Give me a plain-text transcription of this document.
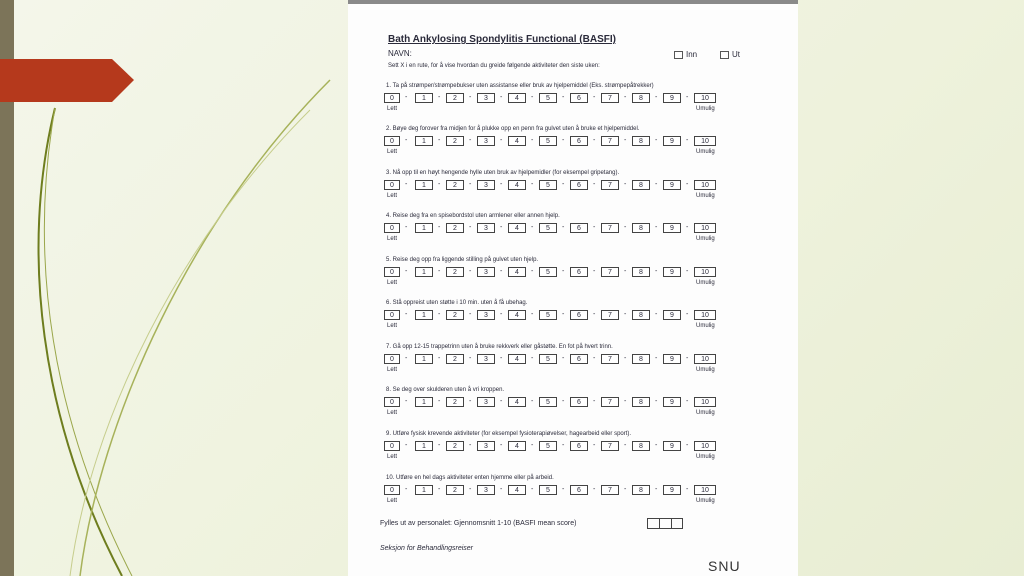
Bath Ankylosing Spondylitis Functional (BASFI)
NAVN:	Inn	Ut
Sett X i en rute, for å vise hvordan du greide følgende aktiviteter den siste uken:
1. Ta på strømper/strømpebukser uten assistanse eller bruk av hjelpemiddel (Eks. strømpepåtrekker)
0	-	1	-	2	-	3	-	4	-	5	-	6	-	7	-	8	-	9	-	10
Lett	Umulig
2. Bøye deg forover fra midjen for å plukke opp en penn fra gulvet uten å bruke et hjelpemiddel.
0	-	1	-	2	-	3	-	4	-	5	-	6	-	7	-	8	-	9	-	10
Lett	Umulig
3. Nå opp til en høyt hengende hylle uten bruk av hjelpemidler (for eksempel gripetang).
0	-	1	-	2	-	3	-	4	-	5	-	6	-	7	-	8	-	9	-	10
Lett	Umulig
4. Reise deg fra en spisebordstol uten armlener eller annen hjelp.
0	-	1	-	2	-	3	-	4	-	5	-	6	-	7	-	8	-	9	-	10
Lett	Umulig
5. Reise deg opp fra liggende stilling på gulvet uten hjelp.
0	-	1	-	2	-	3	-	4	-	5	-	6	-	7	-	8	-	9	-	10
Lett	Umulig
6. Stå oppreist uten støtte i 10 min. uten å få ubehag.
0	-	1	-	2	-	3	-	4	-	5	-	6	-	7	-	8	-	9	-	10
Lett	Umulig
7. Gå opp 12-15 trappetrinn uten å bruke rekkverk eller gåstøtte. En fot på hvert trinn.
0	-	1	-	2	-	3	-	4	-	5	-	6	-	7	-	8	-	9	-	10
Lett	Umulig
8. Se deg over skulderen uten å vri kroppen.
0	-	1	-	2	-	3	-	4	-	5	-	6	-	7	-	8	-	9	-	10
Lett	Umulig
9. Utføre fysisk krevende aktiviteter (for eksempel fysioterapiøvelser, hagearbeid eller sport).
0	-	1	-	2	-	3	-	4	-	5	-	6	-	7	-	8	-	9	-	10
Lett	Umulig
10. Utføre en hel dags aktiviteter enten hjemme eller på arbeid.
0	-	1	-	2	-	3	-	4	-	5	-	6	-	7	-	8	-	9	-	10
Lett	Umulig
Fylles ut av personalet: Gjennomsnitt 1-10 (BASFI mean score)
Seksjon for Behandlingsreiser
SNU
